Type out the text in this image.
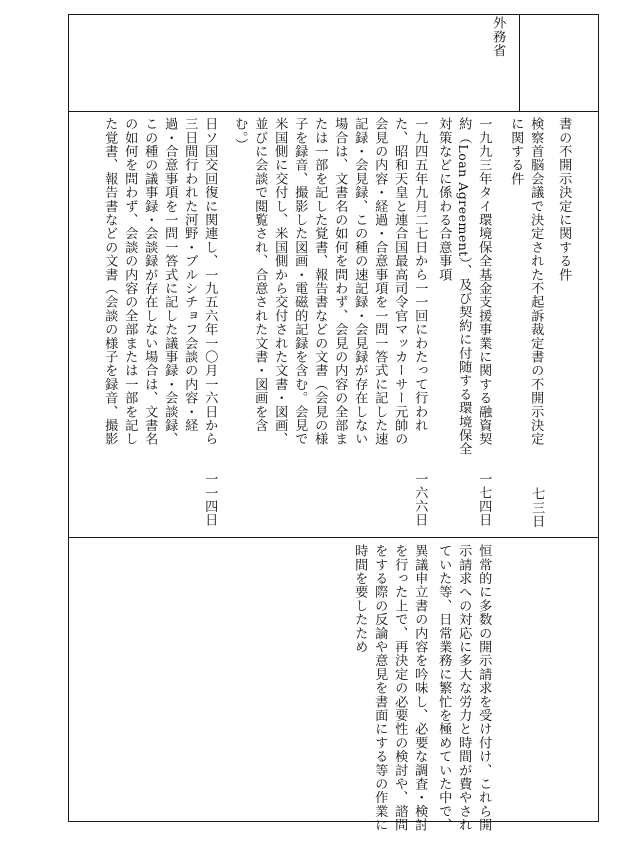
外務省
書の不開示決定に関する件
検察首脳会議で決定された不起訴裁定書の不開示決定
に関する件
一九九三年タイ環境保全基金支援事業に関する融資契
約（Loan Agreement）、及び契約に付随する環境保全
対策などに係わる合意事項
一九四五年九月二七日から一一回にわたって行われ
た、昭和天皇と連合国最高司令官マッカーサー元帥の
会見の内容・経過・合意事項を一問一答式に記した速
記録・会見録、この種の速記録・会見録が存在しない
場合は、文書名の如何を問わず、会見の内容の全部ま
たは一部を記した覚書、報告書などの文書（会見の様
子を録音、撮影した図画・電磁的記録を含む。会見で
米国側に交付し、米国側から交付された文書・図画、
並びに会談で閲覧され、合意された文書・図画を含
む。）
日ソ国交回復に関連し、一九五六年一〇月一六日から
三日間行われた河野・ブルシチョフ会談の内容・経
過・合意事項を一問一答式に記した議事録・会談録、
この種の議事録・会談録が存在しない場合は、文書名
の如何を問わず、会談の内容の全部または一部を記し
た覚書、報告書などの文書（会談の様子を録音、撮影
七三日
一七四日
一六六日
一一四日
恒常的に多数の開示請求を受け付け、これら開
示請求への対応に多大な労力と時間が費やされ
ていた等、日常業務に繁忙を極めていた中で、
異議申立書の内容を吟味し、必要な調査・検討
を行った上で、再決定の必要性の検討や、諮問
をする際の反論や意見を書面にする等の作業に
時間を要したため
